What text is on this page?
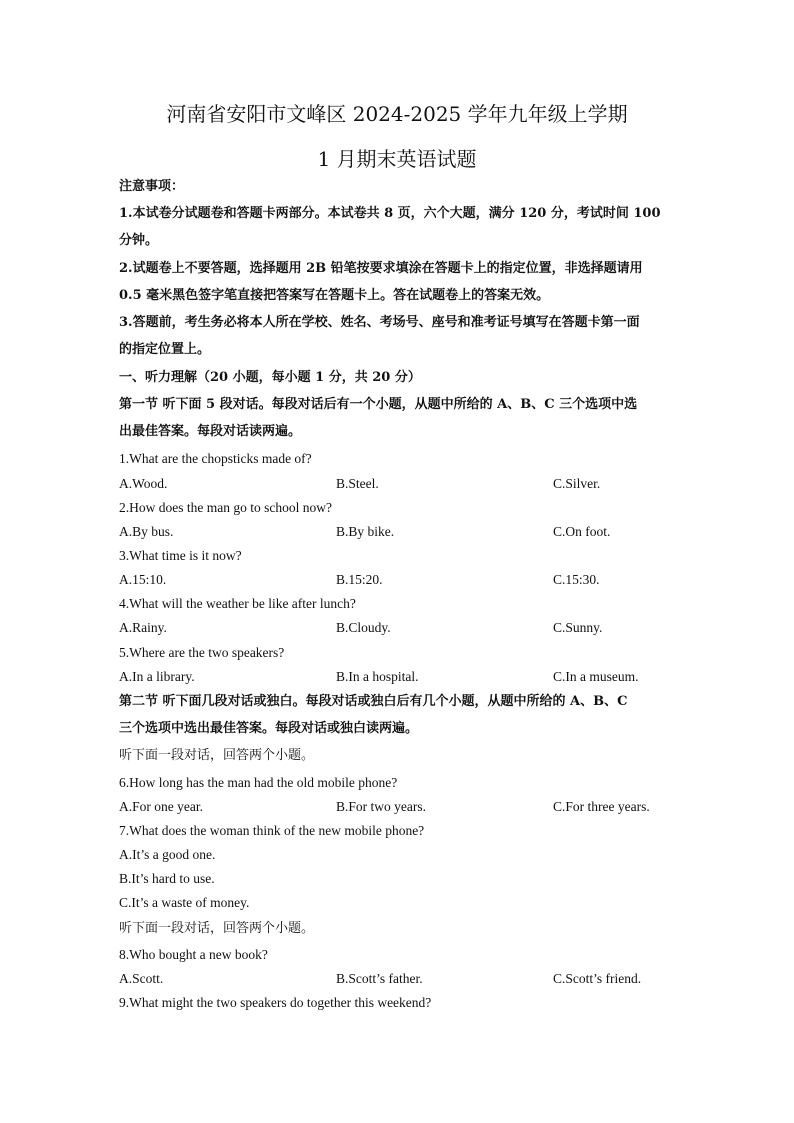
河南省安阳市文峰区 2024-2025 学年九年级上学期
1 月期末英语试题
注意事项：
1.本试卷分试题卷和答题卡两部分。本试卷共 8 页，六个大题，满分 120 分，考试时间 100
分钟。
2.试题卷上不要答题，选择题用 2B 铅笔按要求填涂在答题卡上的指定位置，非选择题请用
0.5 毫米黑色签字笔直接把答案写在答题卡上。答在试题卷上的答案无效。
3.答题前，考生务必将本人所在学校、姓名、考场号、座号和准考证号填写在答题卡第一面
的指定位置上。
一、听力理解（20 小题，每小题 1 分，共 20 分）
第一节 听下面 5 段对话。每段对话后有一个小题，从题中所给的 A、B、C 三个选项中选
出最佳答案。每段对话读两遍。
1.What are the chopsticks made of?
A.Wood.	B.Steel.	C.Silver.
2.How does the man go to school now?
A.By bus.	B.By bike.	C.On foot.
3.What time is it now?
A.15:10.	B.15:20.	C.15:30.
4.What will the weather be like after lunch?
A.Rainy.	B.Cloudy.	C.Sunny.
5.Where are the two speakers?
A.In a library.	B.In a hospital.	C.In a museum.
第二节 听下面几段对话或独白。每段对话或独白后有几个小题，从题中所给的 A、B、C
三个选项中选出最佳答案。每段对话或独白读两遍。
听下面一段对话，回答两个小题。
6.How long has the man had the old mobile phone?
A.For one year.	B.For two years.	C.For three years.
7.What does the woman think of the new mobile phone?
A.It’s a good one.
B.It’s hard to use.
C.It’s a waste of money.
听下面一段对话，回答两个小题。
8.Who bought a new book?
A.Scott.	B.Scott’s father.	C.Scott’s friend.
9.What might the two speakers do together this weekend?
